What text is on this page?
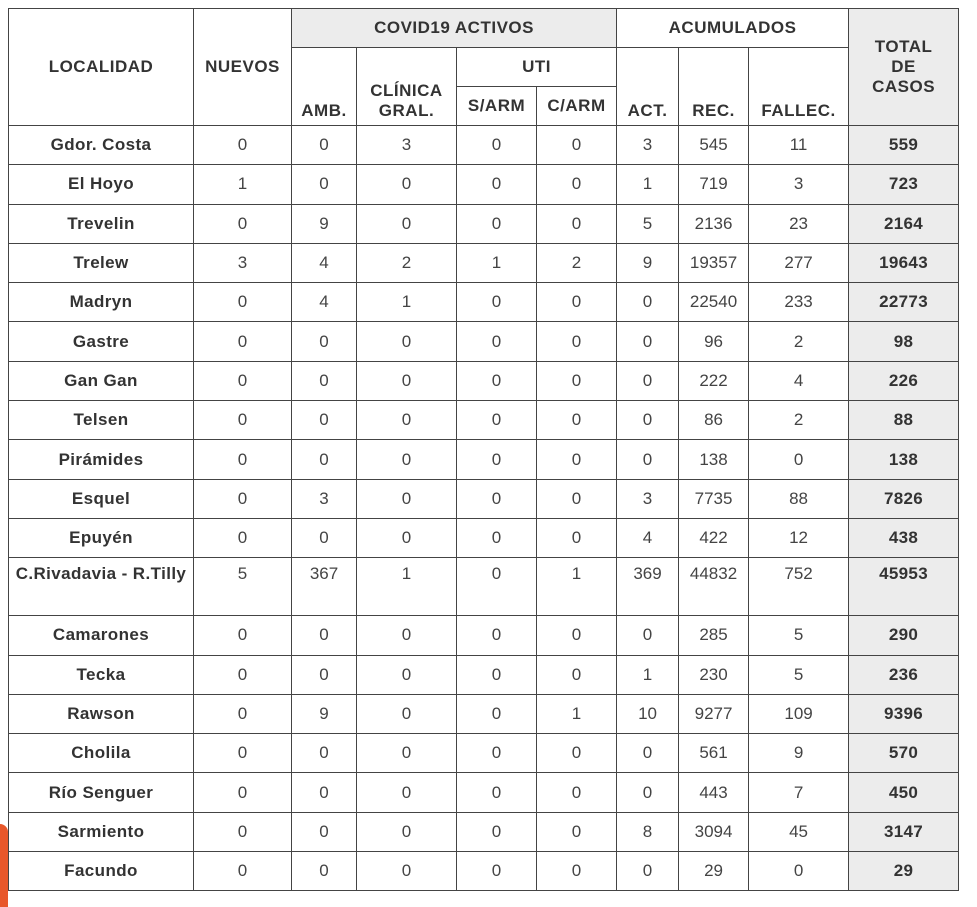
LOCALIDAD	NUEVOS	COVID19 ACTIVOS				ACUMULADOS			TOTAL DE CASOS

		AMB.	CLÍNICA GRAL.	UTI		ACT.	REC.	FALLEC.	
				S/ARM	C/ARM				
Gdor. Costa	0	0	3	0	0	3	545	11	559
El Hoyo	1	0	0	0	0	1	719	3	723
Trevelin	0	9	0	0	0	5	2136	23	2164
Trelew	3	4	2	1	2	9	19357	277	19643
Madryn	0	4	1	0	0	0	22540	233	22773
Gastre	0	0	0	0	0	0	96	2	98
Gan Gan	0	0	0	0	0	0	222	4	226
Telsen	0	0	0	0	0	0	86	2	88
Pirámides	0	0	0	0	0	0	138	0	138
Esquel	0	3	0	0	0	3	7735	88	7826
Epuyén	0	0	0	0	0	4	422	12	438
C.Rivadavia - R.Tilly	5	367	1	0	1	369	44832	752	45953
Camarones	0	0	0	0	0	0	285	5	290
Tecka	0	0	0	0	0	1	230	5	236
Rawson	0	9	0	0	1	10	9277	109	9396
Cholila	0	0	0	0	0	0	561	9	570
Río Senguer	0	0	0	0	0	0	443	7	450
Sarmiento	0	0	0	0	0	8	3094	45	3147
Facundo	0	0	0	0	0	0	29	0	29
